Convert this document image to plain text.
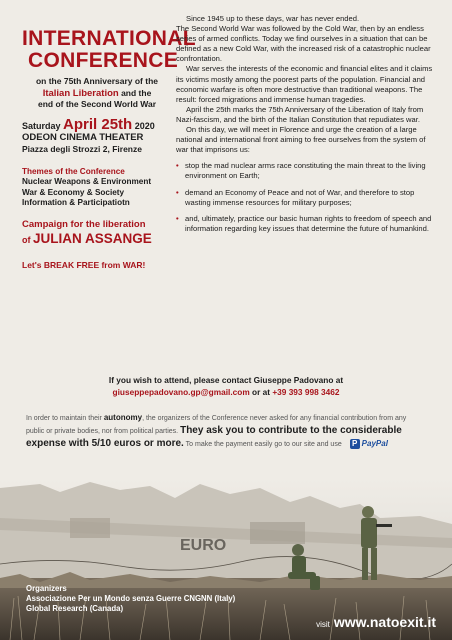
INTERNATIONAL
CONFERENCE
on the 75th Anniversary of the
Italian Liberation and the
end of the Second World War
Saturday April 25th 2020
ODEON CINEMA THEATER
Piazza degli Strozzi 2, Firenze
Themes of the Conference
Nuclear Weapons & Environment
War & Economy & Society
Information & Participatiotn
Campaign for the liberation
of JULIAN ASSANGE
Let's BREAK FREE from WAR!

Since 1945 up to these days, war has never ended.

The Second World War was followed by the Cold War, then by an endless series of armed conflicts. Today we find ourselves in a situation that can be defined as a new Cold War, with the increased risk of a catastrophic nuclear confrontation.

War serves the interests of the economic and financial elites and it claims its victims mostly among the poorest parts of the population. Financial and economic warfare is often more destructive than traditional weapons. The result: forced migrations and immense human tragedies.

April the 25th marks the 75th Anniversary of the Liberation of Italy from Nazi-fascism, and the birth of the Italian Constitution that repudiates war.

On this day, we will meet in Florence and urge the creation of a large national and international front aiming to free ourselves from the system of war that imprisons us:

• stop the mad nuclear arms race constituting the main threat to the living environment on Earth;
• demand an Economy of Peace and not of War, and therefore to stop wasting immense resources for military purposes;
• and, ultimately, practice our basic human rights to freedom of speech and information regarding key issues that determine the future of humankind.
If you wish to attend, please contact Giuseppe Padovano at
giuseppepadovano.gp@gmail.com or at +39 393 998 3462
In order to maintain their autonomy, the organizers of the Conference never asked for any financial contribution from any public or private bodies, nor from political parties. They ask you to contribute to the considerable expense with 5/10 euros or more. To make the payment easily go to our site and use P PayPal
EURO
Organizers
Associazione Per un Mondo senza Guerre CNGNN (Italy)
Global Research (Canada)
visit www.natoexit.it
